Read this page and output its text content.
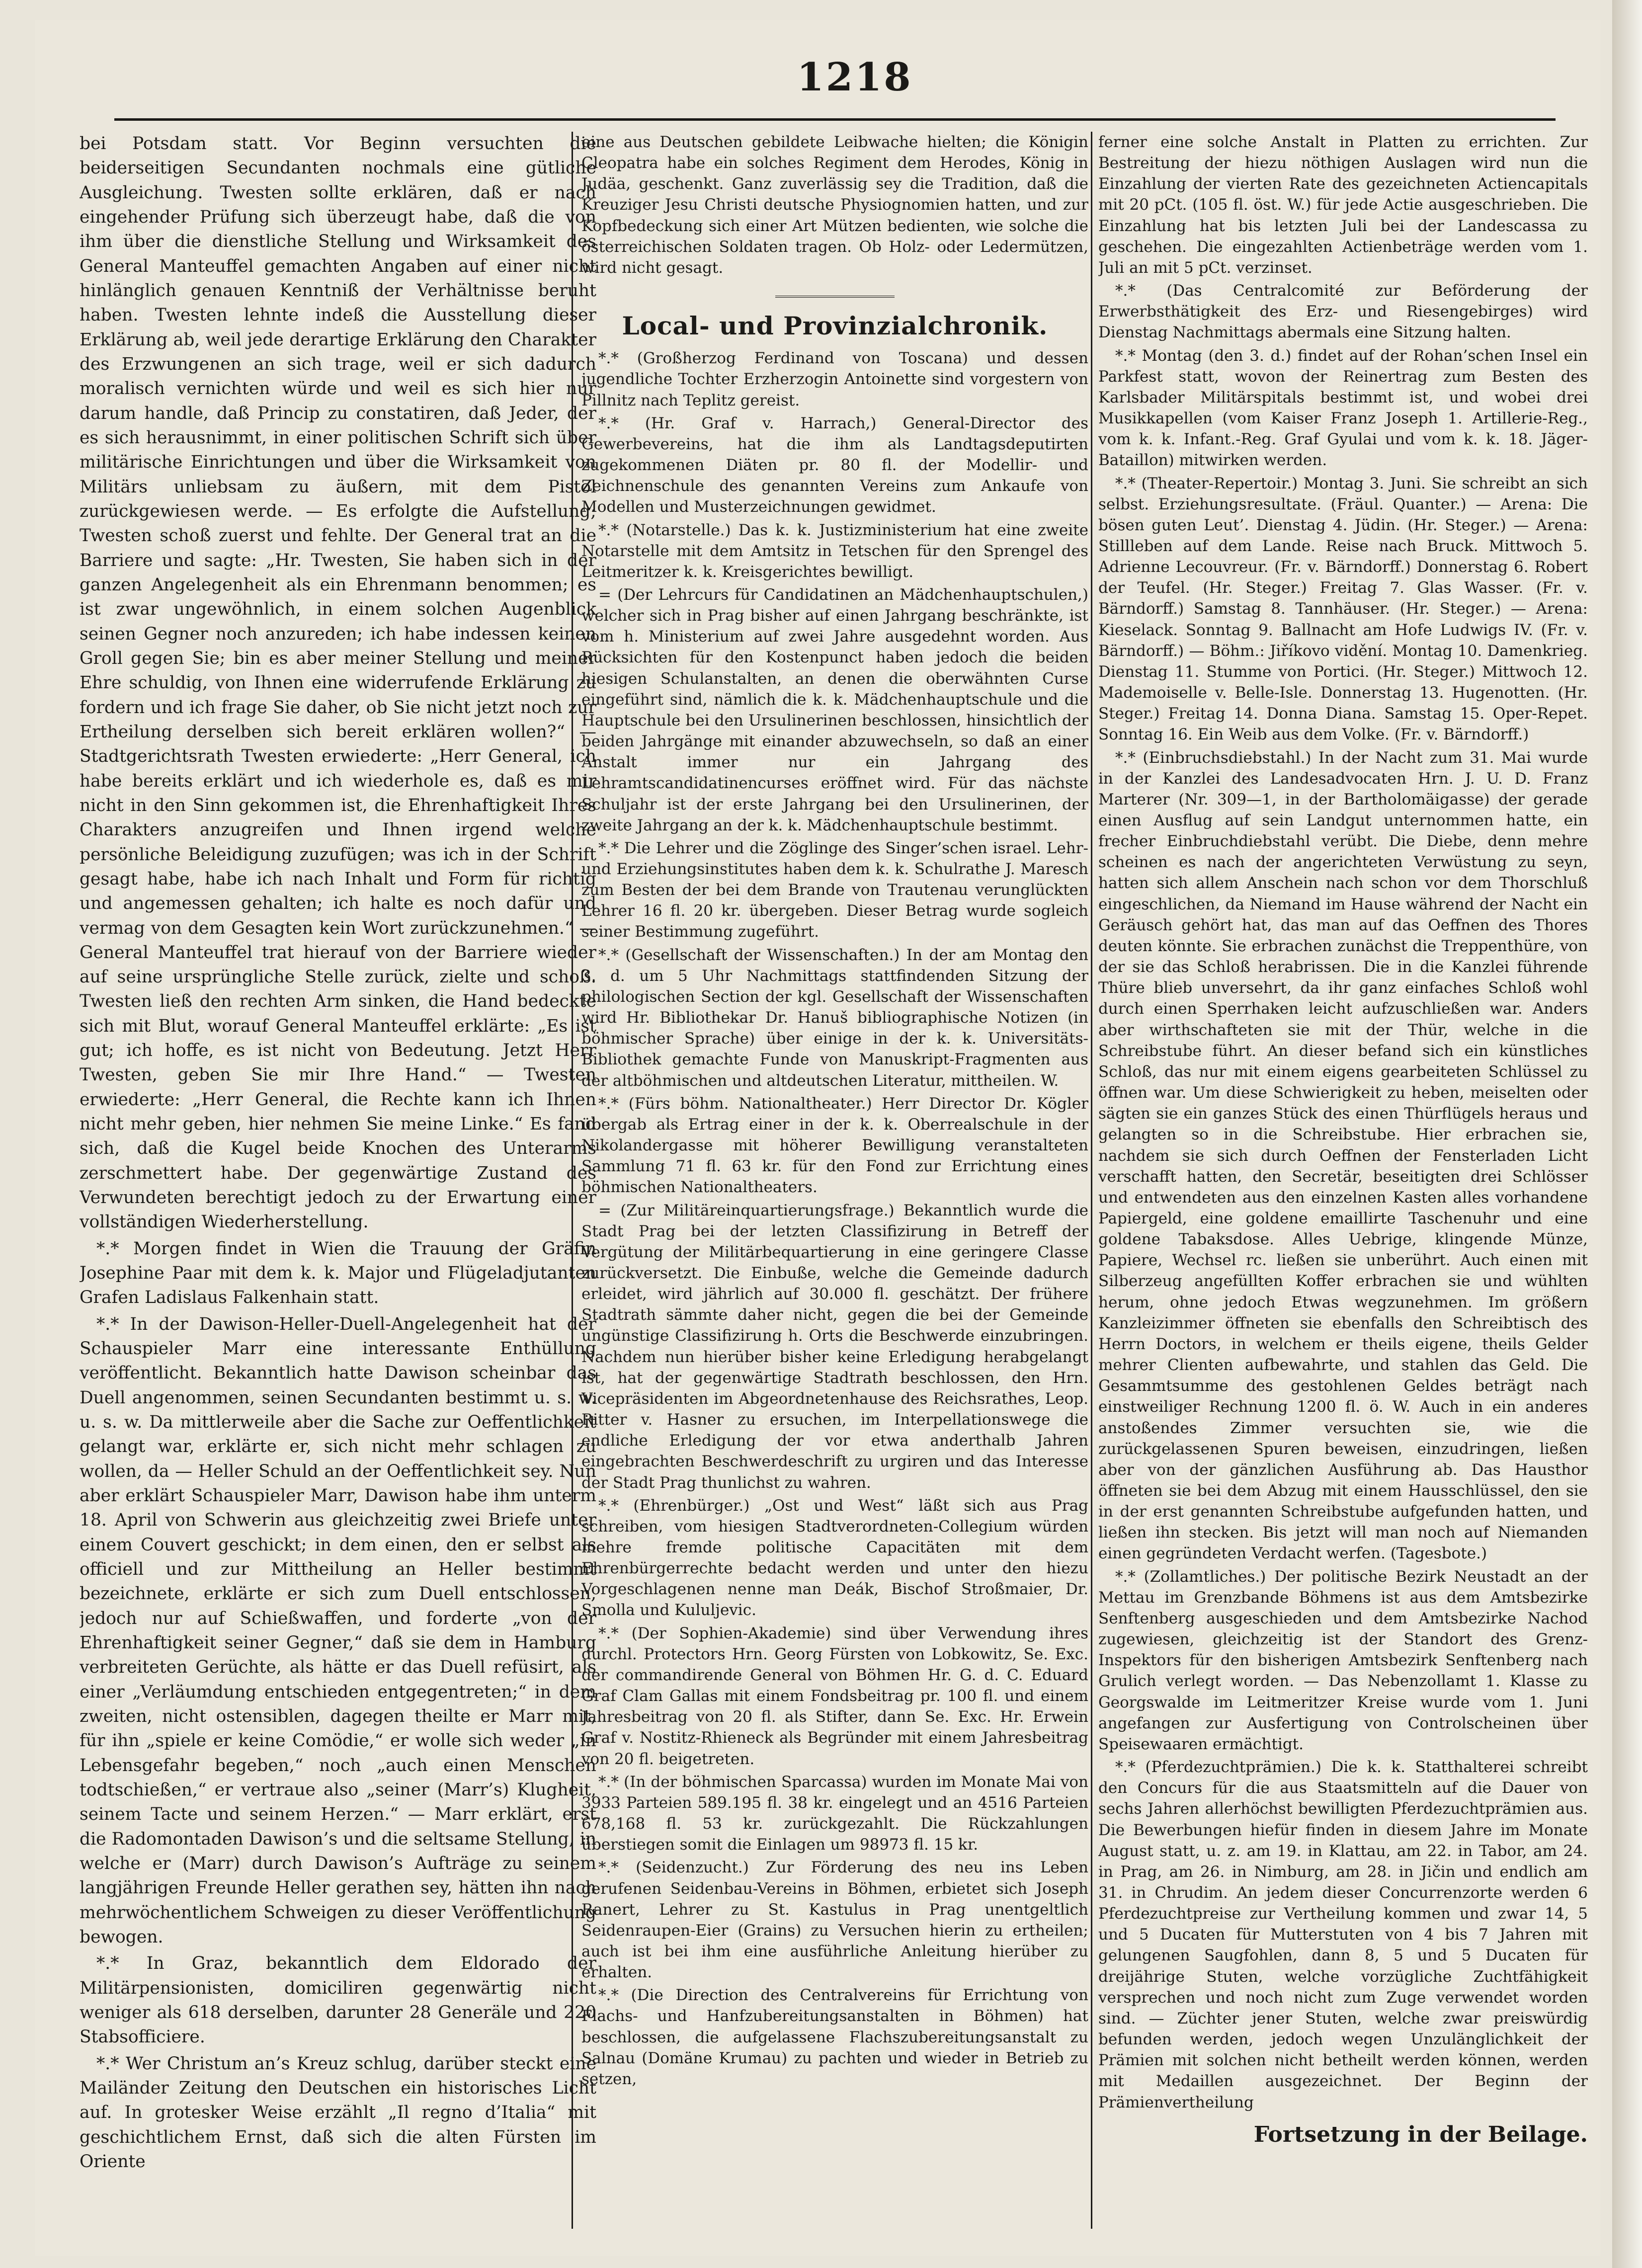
1218

bei Potsdam statt. Vor Beginn versuchten die beiderseitigen Secundanten nochmals eine gütliche Ausgleichung. Twesten sollte erklären, daß er nach eingehender Prüfung sich überzeugt habe, daß die von ihm über die dienstliche Stellung und Wirksamkeit des General Manteuffel gemachten Angaben auf einer nicht hinlänglich genauen Kenntniß der Verhältnisse beruht haben. Twesten lehnte indeß die Ausstellung dieser Erklärung ab, weil jede derartige Erklärung den Charakter des Erzwungenen an sich trage, weil er sich dadurch moralisch vernichten würde und weil es sich hier nur darum handle, daß Princip zu constatiren, daß Jeder, der es sich herausnimmt, in einer politischen Schrift sich über militärische Einrichtungen und über die Wirksamkeit von Militärs unliebsam zu äußern, mit dem Pistol zurückgewiesen werde. — Es erfolgte die Aufstellung; Twesten schoß zuerst und fehlte. Der General trat an die Barriere und sagte: „Hr. Twesten, Sie haben sich in der ganzen Angelegenheit als ein Ehrenmann benommen; es ist zwar ungewöhnlich, in einem solchen Augenblick seinen Gegner noch anzureden; ich habe indessen keinen Groll gegen Sie; bin es aber meiner Stellung und meiner Ehre schuldig, von Ihnen eine widerrufende Erklärung zu fordern und ich frage Sie daher, ob Sie nicht jetzt noch zur Ertheilung derselben sich bereit erklären wollen?“ — Stadtgerichtsrath Twesten erwiederte: „Herr General, ich habe bereits erklärt und ich wiederhole es, daß es mir nicht in den Sinn gekommen ist, die Ehrenhaftigkeit Ihres Charakters anzugreifen und Ihnen irgend welche persönliche Beleidigung zuzufügen; was ich in der Schrift gesagt habe, habe ich nach Inhalt und Form für richtig und angemessen gehalten; ich halte es noch dafür und vermag von dem Gesagten kein Wort zurückzunehmen.“ — General Manteuffel trat hierauf von der Barriere wieder auf seine ursprüngliche Stelle zurück, zielte und schoß. Twesten ließ den rechten Arm sinken, die Hand bedeckte sich mit Blut, worauf General Manteuffel erklärte: „Es ist gut; ich hoffe, es ist nicht von Bedeutung. Jetzt Herr Twesten, geben Sie mir Ihre Hand.“ — Twesten erwiederte: „Herr General, die Rechte kann ich Ihnen nicht mehr geben, hier nehmen Sie meine Linke.“ Es fand sich, daß die Kugel beide Knochen des Unterarms zerschmettert habe. Der gegenwärtige Zustand des Verwundeten berechtigt jedoch zu der Erwartung einer vollständigen Wiederherstellung.

*.* Morgen findet in Wien die Trauung der Gräfin Josephine Paar mit dem k. k. Major und Flügeladjutanten Grafen Ladislaus Falkenhain statt.

*.* In der Dawison-Heller-Duell-Angelegenheit hat der Schauspieler Marr eine interessante Enthüllung veröffentlicht. Bekanntlich hatte Dawison scheinbar das Duell angenommen, seinen Secundanten bestimmt u. s. w. u. s. w. Da mittlerweile aber die Sache zur Oeffentlichkeit gelangt war, erklärte er, sich nicht mehr schlagen zu wollen, da — Heller Schuld an der Oeffentlichkeit sey. Nun aber erklärt Schauspieler Marr, Dawison habe ihm unterm 18. April von Schwerin aus gleichzeitig zwei Briefe unter einem Couvert geschickt; in dem einen, den er selbst als officiell und zur Mittheilung an Heller bestimmt bezeichnete, erklärte er sich zum Duell entschlossen, jedoch nur auf Schießwaffen, und forderte „von der Ehrenhaftigkeit seiner Gegner,“ daß sie dem in Hamburg verbreiteten Gerüchte, als hätte er das Duell refüsirt, als einer „Verläumdung entschieden entgegentreten;“ in dem zweiten, nicht ostensiblen, dagegen theilte er Marr mit, für ihn „spiele er keine Comödie,“ er wolle sich weder „in Lebensgefahr begeben,“ noch „auch einen Menschen todtschießen,“ er vertraue also „seiner (Marr’s) Klugheit, seinem Tacte und seinem Herzen.“ — Marr erklärt, erst die Radomontaden Dawison’s und die seltsame Stellung, in welche er (Marr) durch Dawison’s Aufträge zu seinem langjährigen Freunde Heller gerathen sey, hätten ihn nach mehrwöchentlichem Schweigen zu dieser Veröffentlichung bewogen.

*.* In Graz, bekanntlich dem Eldorado der Militärpensionisten, domiciliren gegenwärtig nicht weniger als 618 derselben, darunter 28 Generäle und 220 Stabsofficiere.

*.* Wer Christum an’s Kreuz schlug, darüber steckt eine Mailänder Zeitung den Deutschen ein historisches Licht auf. In grotesker Weise erzählt „Il regno d’Italia“ mit geschichtlichem Ernst, daß sich die alten Fürsten im Oriente

eine aus Deutschen gebildete Leibwache hielten; die Königin Cleopatra habe ein solches Regiment dem Herodes, König in Judäa, geschenkt. Ganz zuverlässig sey die Tradition, daß die Kreuziger Jesu Christi deutsche Physiognomien hatten, und zur Kopfbedeckung sich einer Art Mützen bedienten, wie solche die österreichischen Soldaten tragen. Ob Holz- oder Ledermützen, wird nicht gesagt.

Local- und Provinzialchronik.

*.* (Großherzog Ferdinand von Toscana) und dessen jugendliche Tochter Erzherzogin Antoinette sind vorgestern von Pillnitz nach Teplitz gereist.

*.* (Hr. Graf v. Harrach,) General-Director des Gewerbevereins, hat die ihm als Landtagsdeputirten zugekommenen Diäten pr. 80 fl. der Modellir- und Zeichnenschule des genannten Vereins zum Ankaufe von Modellen und Musterzeichnungen gewidmet.

*.* (Notarstelle.) Das k. k. Justizministerium hat eine zweite Notarstelle mit dem Amtsitz in Tetschen für den Sprengel des Leitmeritzer k. k. Kreisgerichtes bewilligt.

= (Der Lehrcurs für Candidatinen an Mädchenhauptschulen,) welcher sich in Prag bisher auf einen Jahrgang beschränkte, ist vom h. Ministerium auf zwei Jahre ausgedehnt worden. Aus Rücksichten für den Kostenpunct haben jedoch die beiden hiesigen Schulanstalten, an denen die oberwähnten Curse eingeführt sind, nämlich die k. k. Mädchenhauptschule und die Hauptschule bei den Ursulinerinen beschlossen, hinsichtlich der beiden Jahrgänge mit einander abzuwechseln, so daß an einer Anstalt immer nur ein Jahrgang des Lehramtscandidatinencurses eröffnet wird. Für das nächste Schuljahr ist der erste Jahrgang bei den Ursulinerinen, der zweite Jahrgang an der k. k. Mädchenhauptschule bestimmt.

*.* Die Lehrer und die Zöglinge des Singer’schen israel. Lehr- und Erziehungsinstitutes haben dem k. k. Schulrathe J. Maresch zum Besten der bei dem Brande von Trautenau verunglückten Lehrer 16 fl. 20 kr. übergeben. Dieser Betrag wurde sogleich seiner Bestimmung zugeführt.

*.* (Gesellschaft der Wissenschaften.) In der am Montag den 3. d. um 5 Uhr Nachmittags stattfindenden Sitzung der philologischen Section der kgl. Gesellschaft der Wissenschaften wird Hr. Bibliothekar Dr. Hanuš bibliographische Notizen (in böhmischer Sprache) über einige in der k. k. Universitäts-Bibliothek gemachte Funde von Manuskript-Fragmenten aus der altböhmischen und altdeutschen Literatur, mittheilen. W.

*.* (Fürs böhm. Nationaltheater.) Herr Director Dr. Kögler übergab als Ertrag einer in der k. k. Oberrealschule in der Nikolandergasse mit höherer Bewilligung veranstalteten Sammlung 71 fl. 63 kr. für den Fond zur Errichtung eines böhmischen Nationaltheaters.

= (Zur Militäreinquartierungsfrage.) Bekanntlich wurde die Stadt Prag bei der letzten Classifizirung in Betreff der Vergütung der Militärbequartierung in eine geringere Classe zurückversetzt. Die Einbuße, welche die Gemeinde dadurch erleidet, wird jährlich auf 30.000 fl. geschätzt. Der frühere Stadtrath sämmte daher nicht, gegen die bei der Gemeinde ungünstige Classifizirung h. Orts die Beschwerde einzubringen. Nachdem nun hierüber bisher keine Erledigung herabgelangt ist, hat der gegenwärtige Stadtrath beschlossen, den Hrn. Vicepräsidenten im Abgeordnetenhause des Reichsrathes, Leop. Ritter v. Hasner zu ersuchen, im Interpellationswege die endliche Erledigung der vor etwa anderthalb Jahren eingebrachten Beschwerdeschrift zu urgiren und das Interesse der Stadt Prag thunlichst zu wahren.

*.* (Ehrenbürger.) „Ost und West“ läßt sich aus Prag schreiben, vom hiesigen Stadtverordneten-Collegium würden mehre fremde politische Capacitäten mit dem Ehrenbürgerrechte bedacht werden und unter den hiezu Vorgeschlagenen nenne man Deák, Bischof Stroßmaier, Dr. Smolla und Kululjevic.

*.* (Der Sophien-Akademie) sind über Verwendung ihres durchl. Protectors Hrn. Georg Fürsten von Lobkowitz, Se. Exc. der commandirende General von Böhmen Hr. G. d. C. Eduard Graf Clam Gallas mit einem Fondsbeitrag pr. 100 fl. und einem Jahresbeitrag von 20 fl. als Stifter, dann Se. Exc. Hr. Erwein Graf v. Nostitz-Rhieneck als Begründer mit einem Jahresbeitrag von 20 fl. beigetreten.

*.* (In der böhmischen Sparcassa) wurden im Monate Mai von 3933 Parteien 589.195 fl. 38 kr. eingelegt und an 4516 Parteien 678,168 fl. 53 kr. zurückgezahlt. Die Rückzahlungen überstiegen somit die Einlagen um 98973 fl. 15 kr.

*.* (Seidenzucht.) Zur Förderung des neu ins Leben gerufenen Seidenbau-Vereins in Böhmen, erbietet sich Joseph Ranert, Lehrer zu St. Kastulus in Prag unentgeltlich Seidenraupen-Eier (Grains) zu Versuchen hierin zu ertheilen; auch ist bei ihm eine ausführliche Anleitung hierüber zu erhalten.

*.* (Die Direction des Centralvereins für Errichtung von Flachs- und Hanfzubereitungsanstalten in Böhmen) hat beschlossen, die aufgelassene Flachszubereitungsanstalt zu Salnau (Domäne Krumau) zu pachten und wieder in Betrieb zu setzen,

ferner eine solche Anstalt in Platten zu errichten. Zur Bestreitung der hiezu nöthigen Auslagen wird nun die Einzahlung der vierten Rate des gezeichneten Actiencapitals mit 20 pCt. (105 fl. öst. W.) für jede Actie ausgeschrieben. Die Einzahlung hat bis letzten Juli bei der Landescassa zu geschehen. Die eingezahlten Actienbeträge werden vom 1. Juli an mit 5 pCt. verzinset.

*.* (Das Centralcomité zur Beförderung der Erwerbsthätigkeit des Erz- und Riesengebirges) wird Dienstag Nachmittags abermals eine Sitzung halten.

*.* Montag (den 3. d.) findet auf der Rohan’schen Insel ein Parkfest statt, wovon der Reinertrag zum Besten des Karlsbader Militärspitals bestimmt ist, und wobei drei Musikkapellen (vom Kaiser Franz Joseph 1. Artillerie-Reg., vom k. k. Infant.-Reg. Graf Gyulai und vom k. k. 18. Jäger-Bataillon) mitwirken werden.

*.* (Theater-Repertoir.) Montag 3. Juni. Sie schreibt an sich selbst. Erziehungsresultate. (Fräul. Quanter.) — Arena: Die bösen guten Leut’. Dienstag 4. Jüdin. (Hr. Steger.) — Arena: Stillleben auf dem Lande. Reise nach Bruck. Mittwoch 5. Adrienne Lecouvreur. (Fr. v. Bärndorff.) Donnerstag 6. Robert der Teufel. (Hr. Steger.) Freitag 7. Glas Wasser. (Fr. v. Bärndorff.) Samstag 8. Tannhäuser. (Hr. Steger.) — Arena: Kieselack. Sonntag 9. Ballnacht am Hofe Ludwigs IV. (Fr. v. Bärndorff.) — Böhm.: Jiříkovo vidění. Montag 10. Damenkrieg. Dienstag 11. Stumme von Portici. (Hr. Steger.) Mittwoch 12. Mademoiselle v. Belle-Isle. Donnerstag 13. Hugenotten. (Hr. Steger.) Freitag 14. Donna Diana. Samstag 15. Oper-Repet. Sonntag 16. Ein Weib aus dem Volke. (Fr. v. Bärndorff.)

*.* (Einbruchsdiebstahl.) In der Nacht zum 31. Mai wurde in der Kanzlei des Landesadvocaten Hrn. J. U. D. Franz Marterer (Nr. 309—1, in der Bartholomäigasse) der gerade einen Ausflug auf sein Landgut unternommen hatte, ein frecher Einbruchdiebstahl verübt. Die Diebe, denn mehre scheinen es nach der angerichteten Verwüstung zu seyn, hatten sich allem Anschein nach schon vor dem Thorschluß eingeschlichen, da Niemand im Hause während der Nacht ein Geräusch gehört hat, das man auf das Oeffnen des Thores deuten könnte. Sie erbrachen zunächst die Treppenthüre, von der sie das Schloß herabrissen. Die in die Kanzlei führende Thüre blieb unversehrt, da ihr ganz einfaches Schloß wohl durch einen Sperrhaken leicht aufzuschließen war. Anders aber wirthschafteten sie mit der Thür, welche in die Schreibstube führt. An dieser befand sich ein künstliches Schloß, das nur mit einem eigens gearbeiteten Schlüssel zu öffnen war. Um diese Schwierigkeit zu heben, meiselten oder sägten sie ein ganzes Stück des einen Thürflügels heraus und gelangten so in die Schreibstube. Hier erbrachen sie, nachdem sie sich durch Oeffnen der Fensterladen Licht verschafft hatten, den Secretär, beseitigten drei Schlösser und entwendeten aus den einzelnen Kasten alles vorhandene Papiergeld, eine goldene emaillirte Taschenuhr und eine goldene Tabaksdose. Alles Uebrige, klingende Münze, Papiere, Wechsel rc. ließen sie unberührt. Auch einen mit Silberzeug angefüllten Koffer erbrachen sie und wühlten herum, ohne jedoch Etwas wegzunehmen. Im größern Kanzleizimmer öffneten sie ebenfalls den Schreibtisch des Herrn Doctors, in welchem er theils eigene, theils Gelder mehrer Clienten aufbewahrte, und stahlen das Geld. Die Gesammtsumme des gestohlenen Geldes beträgt nach einstweiliger Rechnung 1200 fl. ö. W. Auch in ein anderes anstoßendes Zimmer versuchten sie, wie die zurückgelassenen Spuren beweisen, einzudringen, ließen aber von der gänzlichen Ausführung ab. Das Hausthor öffneten sie bei dem Abzug mit einem Hausschlüssel, den sie in der erst genannten Schreibstube aufgefunden hatten, und ließen ihn stecken. Bis jetzt will man noch auf Niemanden einen gegründeten Verdacht werfen. (Tagesbote.)

*.* (Zollamtliches.) Der politische Bezirk Neustadt an der Mettau im Grenzbande Böhmens ist aus dem Amtsbezirke Senftenberg ausgeschieden und dem Amtsbezirke Nachod zugewiesen, gleichzeitig ist der Standort des Grenz-Inspektors für den bisherigen Amtsbezirk Senftenberg nach Grulich verlegt worden. — Das Nebenzollamt 1. Klasse zu Georgswalde im Leitmeritzer Kreise wurde vom 1. Juni angefangen zur Ausfertigung von Controlscheinen über Speisewaaren ermächtigt.

*.* (Pferdezuchtprämien.) Die k. k. Statthalterei schreibt den Concurs für die aus Staatsmitteln auf die Dauer von sechs Jahren allerhöchst bewilligten Pferdezuchtprämien aus. Die Bewerbungen hiefür finden in diesem Jahre im Monate August statt, u. z. am 19. in Klattau, am 22. in Tabor, am 24. in Prag, am 26. in Nimburg, am 28. in Jičin und endlich am 31. in Chrudim. An jedem dieser Concurrenzorte werden 6 Pferdezuchtpreise zur Vertheilung kommen und zwar 14, 5 und 5 Ducaten für Mutterstuten von 4 bis 7 Jahren mit gelungenen Saugfohlen, dann 8, 5 und 5 Ducaten für dreijährige Stuten, welche vorzügliche Zuchtfähigkeit versprechen und noch nicht zum Zuge verwendet worden sind. — Züchter jener Stuten, welche zwar preiswürdig befunden werden, jedoch wegen Unzulänglichkeit der Prämien mit solchen nicht betheilt werden können, werden mit Medaillen ausgezeichnet. Der Beginn der Prämienvertheilung

Fortsetzung in der Beilage.
